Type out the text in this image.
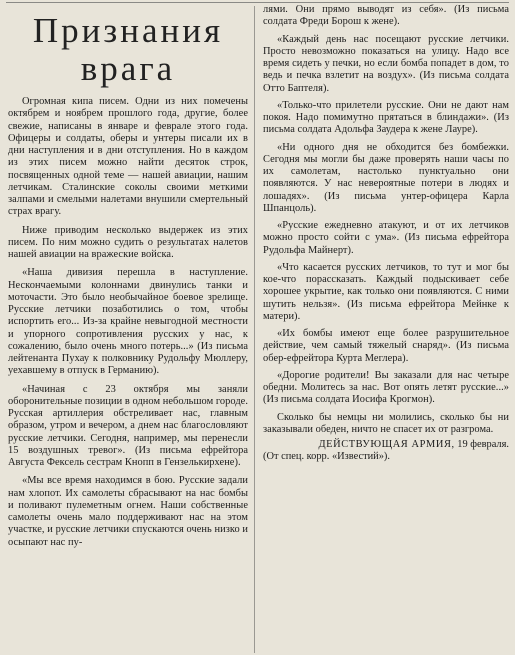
Признания врага

Огромная кипа писем. Одни из них помечены октябрем и ноябрем прошлого года, другие, более свежие, написаны в январе и феврале этого года. Офицеры и солдаты, оберы и унтеры писали их в дни наступления и в дни отступления. Но в каждом из этих писем можно найти десяток строк, посвященных одной теме — нашей авиации, нашим летчикам. Сталинские соколы своими меткими залпами и смелыми налетами внушили смертельный страх врагу.

Ниже приводим несколько выдержек из этих писем. По ним можно судить о результатах налетов нашей авиации на вражеские войска.

«Наша дивизия перешла в наступление. Нескончаемыми колоннами двинулись танки и моточасти. Это было необычайное боевое зрелище. Русские летчики позаботились о том, чтобы испортить его... Из-за крайне невыгодной местности и упорного сопротивления русских у нас, к сожалению, было очень много потерь...» (Из письма лейтенанта Пухау к полковнику Рудольфу Мюллеру, уехавшему в отпуск в Германию).

«Начиная с 23 октября мы заняли оборонительные позиции в одном небольшом городе. Русская артиллерия обстреливает нас, главным образом, утром и вечером, а днем нас благословляют русские летчики. Сегодня, например, мы перенесли 15 воздушных тревог». (Из письма ефрейтора Августа Фексель сестрам Кнопп в Гензелькирхене).

«Мы все время находимся в бою. Русские задали нам хлопот. Их самолеты сбрасывают на нас бомбы и поливают пулеметным огнем. Наши собственные самолеты очень мало поддерживают нас на этом участке, и русские летчики спускаются очень низко и осыпают нас пу-

лями. Они прямо выводят из себя». (Из письма солдата Фреди Борош к жене).

«Каждый день нас посещают русские летчики. Просто невозможно показаться на улицу. Надо все время сидеть у печки, но если бомба попадет в дом, то ведь и печка взлетит на воздух». (Из письма солдата Отто Баптеля).

«Только-что прилетели русские. Они не дают нам покоя. Надо помимутно прятаться в блиндажи». (Из письма солдата Адольфа Заудера к жене Лауре).

«Ни одного дня не обходится без бомбежки. Сегодня мы могли бы даже проверять наши часы по их самолетам, настолько пунктуально они появляются. У нас невероятные потери в людях и лошадях». (Из письма унтер-офицера Карла Шпанцоль).

«Русские ежедневно атакуют, и от их летчиков можно просто сойти с ума». (Из письма ефрейтора Рудольфа Майнерт).

«Что касается русских летчиков, то тут и мог бы кое-что порассказать. Каждый подыскивает себе хорошее укрытие, как только они появляются. С ними шутить нельзя». (Из письма ефрейтора Мейнке к матери).

«Их бомбы имеют еще более разрушительное действие, чем самый тяжелый снаряд». (Из письма обер-ефрейтора Курта Меглера).

«Дорогие родители! Вы заказали для нас четыре обедни. Молитесь за нас. Вот опять летят русские...» (Из письма солдата Иосифа Крогмон).

Сколько бы немцы ни молились, сколько бы ни заказывали обеден, ничто не спасет их от разгрома.

ДЕЙСТВУЮЩАЯ АРМИЯ, 19 февраля.
(От спец. корр. «Известий»).
